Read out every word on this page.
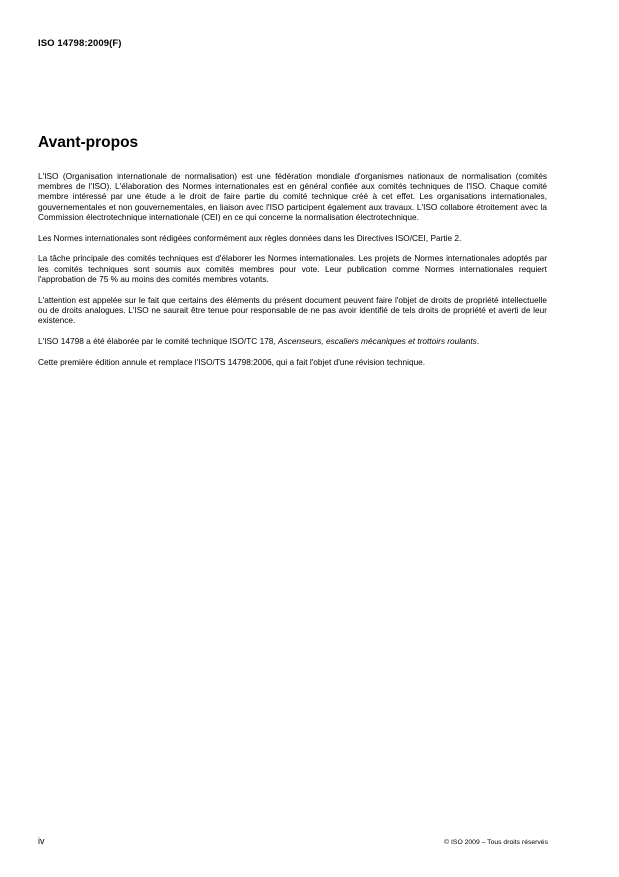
ISO 14798:2009(F)
Avant-propos

L'ISO (Organisation internationale de normalisation) est une fédération mondiale d'organismes nationaux de normalisation (comités membres de l'ISO). L'élaboration des Normes internationales est en général confiée aux comités techniques de l'ISO. Chaque comité membre intéressé par une étude a le droit de faire partie du comité technique créé à cet effet. Les organisations internationales, gouvernementales et non gouvernementales, en liaison avec l'ISO participent également aux travaux. L'ISO collabore étroitement avec la Commission électrotechnique internationale (CEI) en ce qui concerne la normalisation électrotechnique.

Les Normes internationales sont rédigées conformément aux règles données dans les Directives ISO/CEI, Partie 2.

La tâche principale des comités techniques est d'élaborer les Normes internationales. Les projets de Normes internationales adoptés par les comités techniques sont soumis aux comités membres pour vote. Leur publication comme Normes internationales requiert l'approbation de 75 % au moins des comités membres votants.

L'attention est appelée sur le fait que certains des éléments du présent document peuvent faire l'objet de droits de propriété intellectuelle ou de droits analogues. L'ISO ne saurait être tenue pour responsable de ne pas avoir identifié de tels droits de propriété et averti de leur existence.

L'ISO 14798 a été élaborée par le comité technique ISO/TC 178, Ascenseurs, escaliers mécaniques et trottoirs roulants.

Cette première édition annule et remplace l'ISO/TS 14798:2006, qui a fait l'objet d'une révision technique.

iv	© ISO 2009 – Tous droits réservés
